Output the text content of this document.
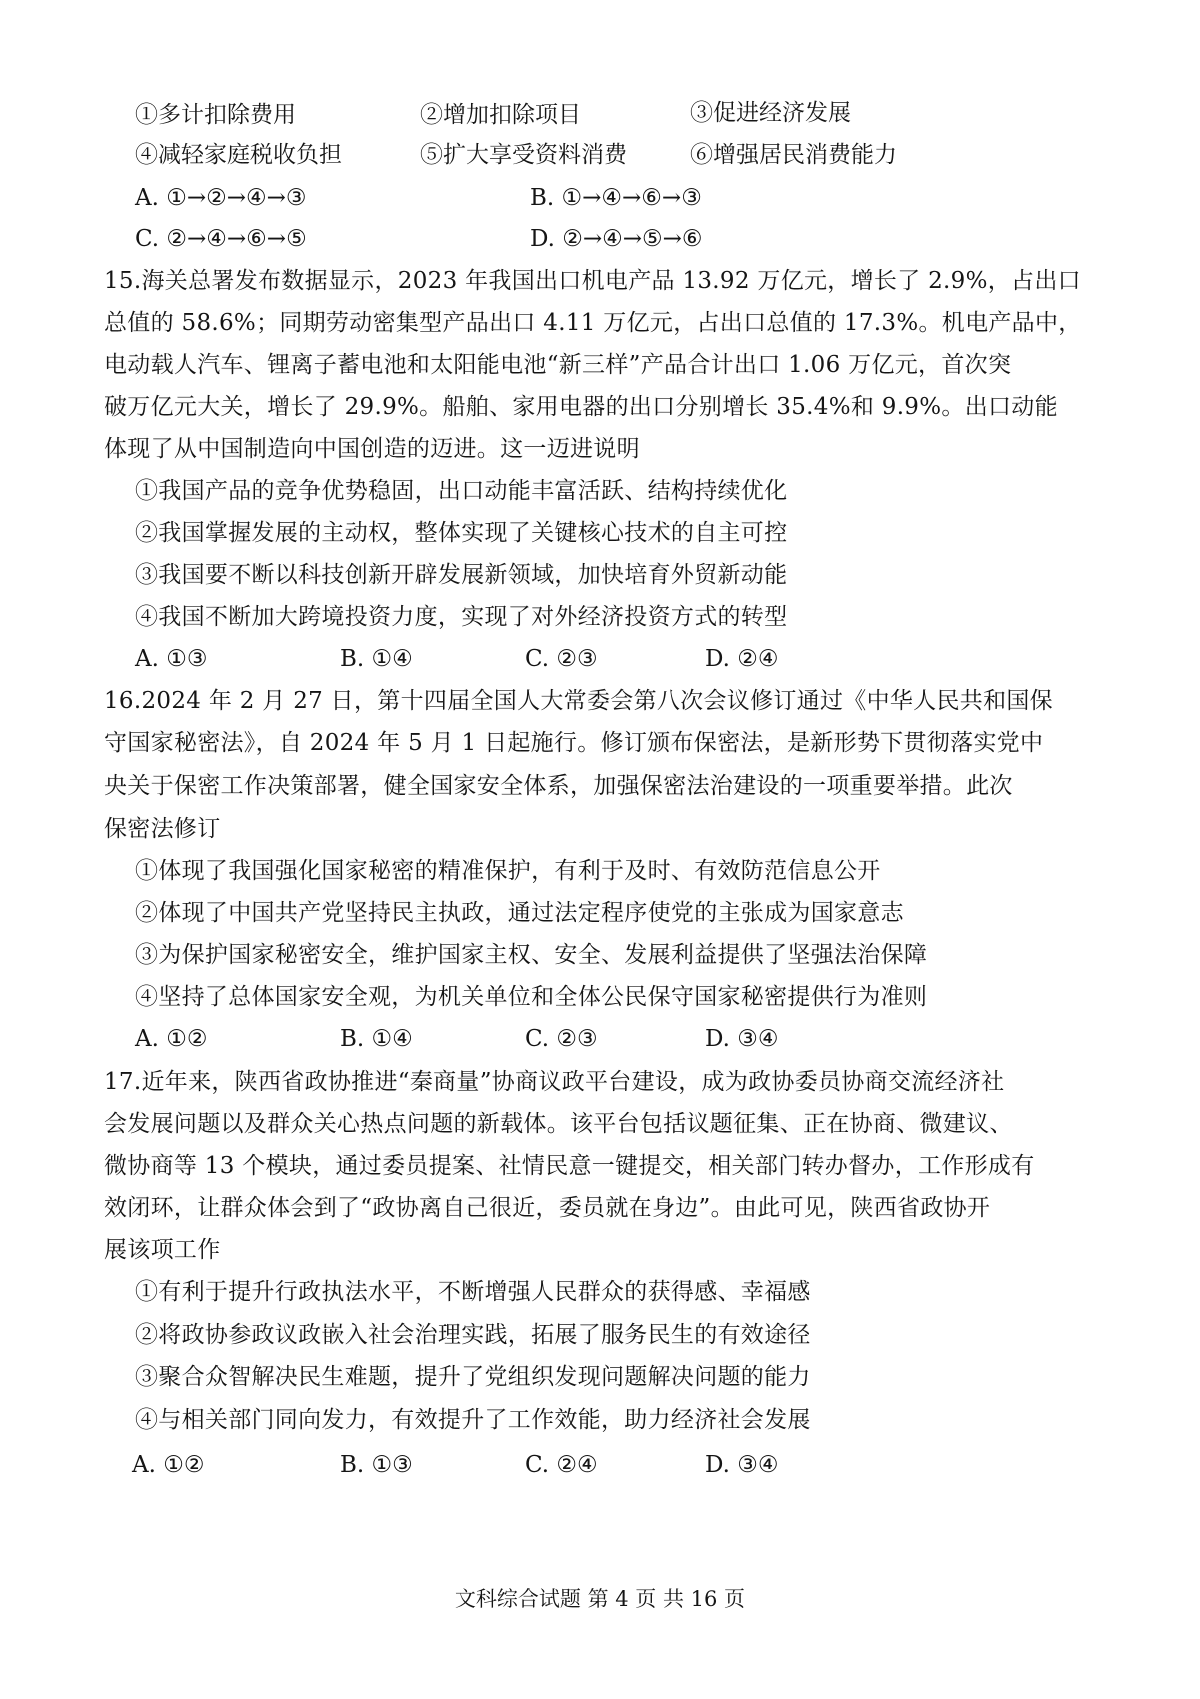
①多计扣除费用	②增加扣除项目	③促进经济发展
④减轻家庭税收负担	⑤扩大享受资料消费	⑥增强居民消费能力
A. ①→②→④→③	B. ①→④→⑥→③
C. ②→④→⑥→⑤	D. ②→④→⑤→⑥
15.海关总署发布数据显示，2023 年我国出口机电产品 13.92 万亿元，增长了 2.9%，占出口
总值的 58.6%；同期劳动密集型产品出口 4.11 万亿元，占出口总值的 17.3%。机电产品中，
电动载人汽车、锂离子蓄电池和太阳能电池“新三样”产品合计出口 1.06 万亿元，首次突
破万亿元大关，增长了 29.9%。船舶、家用电器的出口分别增长 35.4%和 9.9%。出口动能
体现了从中国制造向中国创造的迈进。这一迈进说明
①我国产品的竞争优势稳固，出口动能丰富活跃、结构持续优化
②我国掌握发展的主动权，整体实现了关键核心技术的自主可控
③我国要不断以科技创新开辟发展新领域，加快培育外贸新动能
④我国不断加大跨境投资力度，实现了对外经济投资方式的转型
A. ①③	B. ①④	C. ②③	D. ②④
16.2024 年 2 月 27 日，第十四届全国人大常委会第八次会议修订通过《中华人民共和国保
守国家秘密法》，自 2024 年 5 月 1 日起施行。修订颁布保密法，是新形势下贯彻落实党中
央关于保密工作决策部署，健全国家安全体系，加强保密法治建设的一项重要举措。此次
保密法修订
①体现了我国强化国家秘密的精准保护，有利于及时、有效防范信息公开
②体现了中国共产党坚持民主执政，通过法定程序使党的主张成为国家意志
③为保护国家秘密安全，维护国家主权、安全、发展利益提供了坚强法治保障
④坚持了总体国家安全观，为机关单位和全体公民保守国家秘密提供行为准则
A. ①②	B. ①④	C. ②③	D. ③④
17.近年来，陕西省政协推进“秦商量”协商议政平台建设，成为政协委员协商交流经济社
会发展问题以及群众关心热点问题的新载体。该平台包括议题征集、正在协商、微建议、
微协商等 13 个模块，通过委员提案、社情民意一键提交，相关部门转办督办，工作形成有
效闭环，让群众体会到了“政协离自己很近，委员就在身边”。由此可见，陕西省政协开
展该项工作
①有利于提升行政执法水平，不断增强人民群众的获得感、幸福感
②将政协参政议政嵌入社会治理实践，拓展了服务民生的有效途径
③聚合众智解决民生难题，提升了党组织发现问题解决问题的能力
④与相关部门同向发力，有效提升了工作效能，助力经济社会发展
A. ①②	B. ①③	C. ②④	D. ③④
文科综合试题 第 4 页 共 16 页
